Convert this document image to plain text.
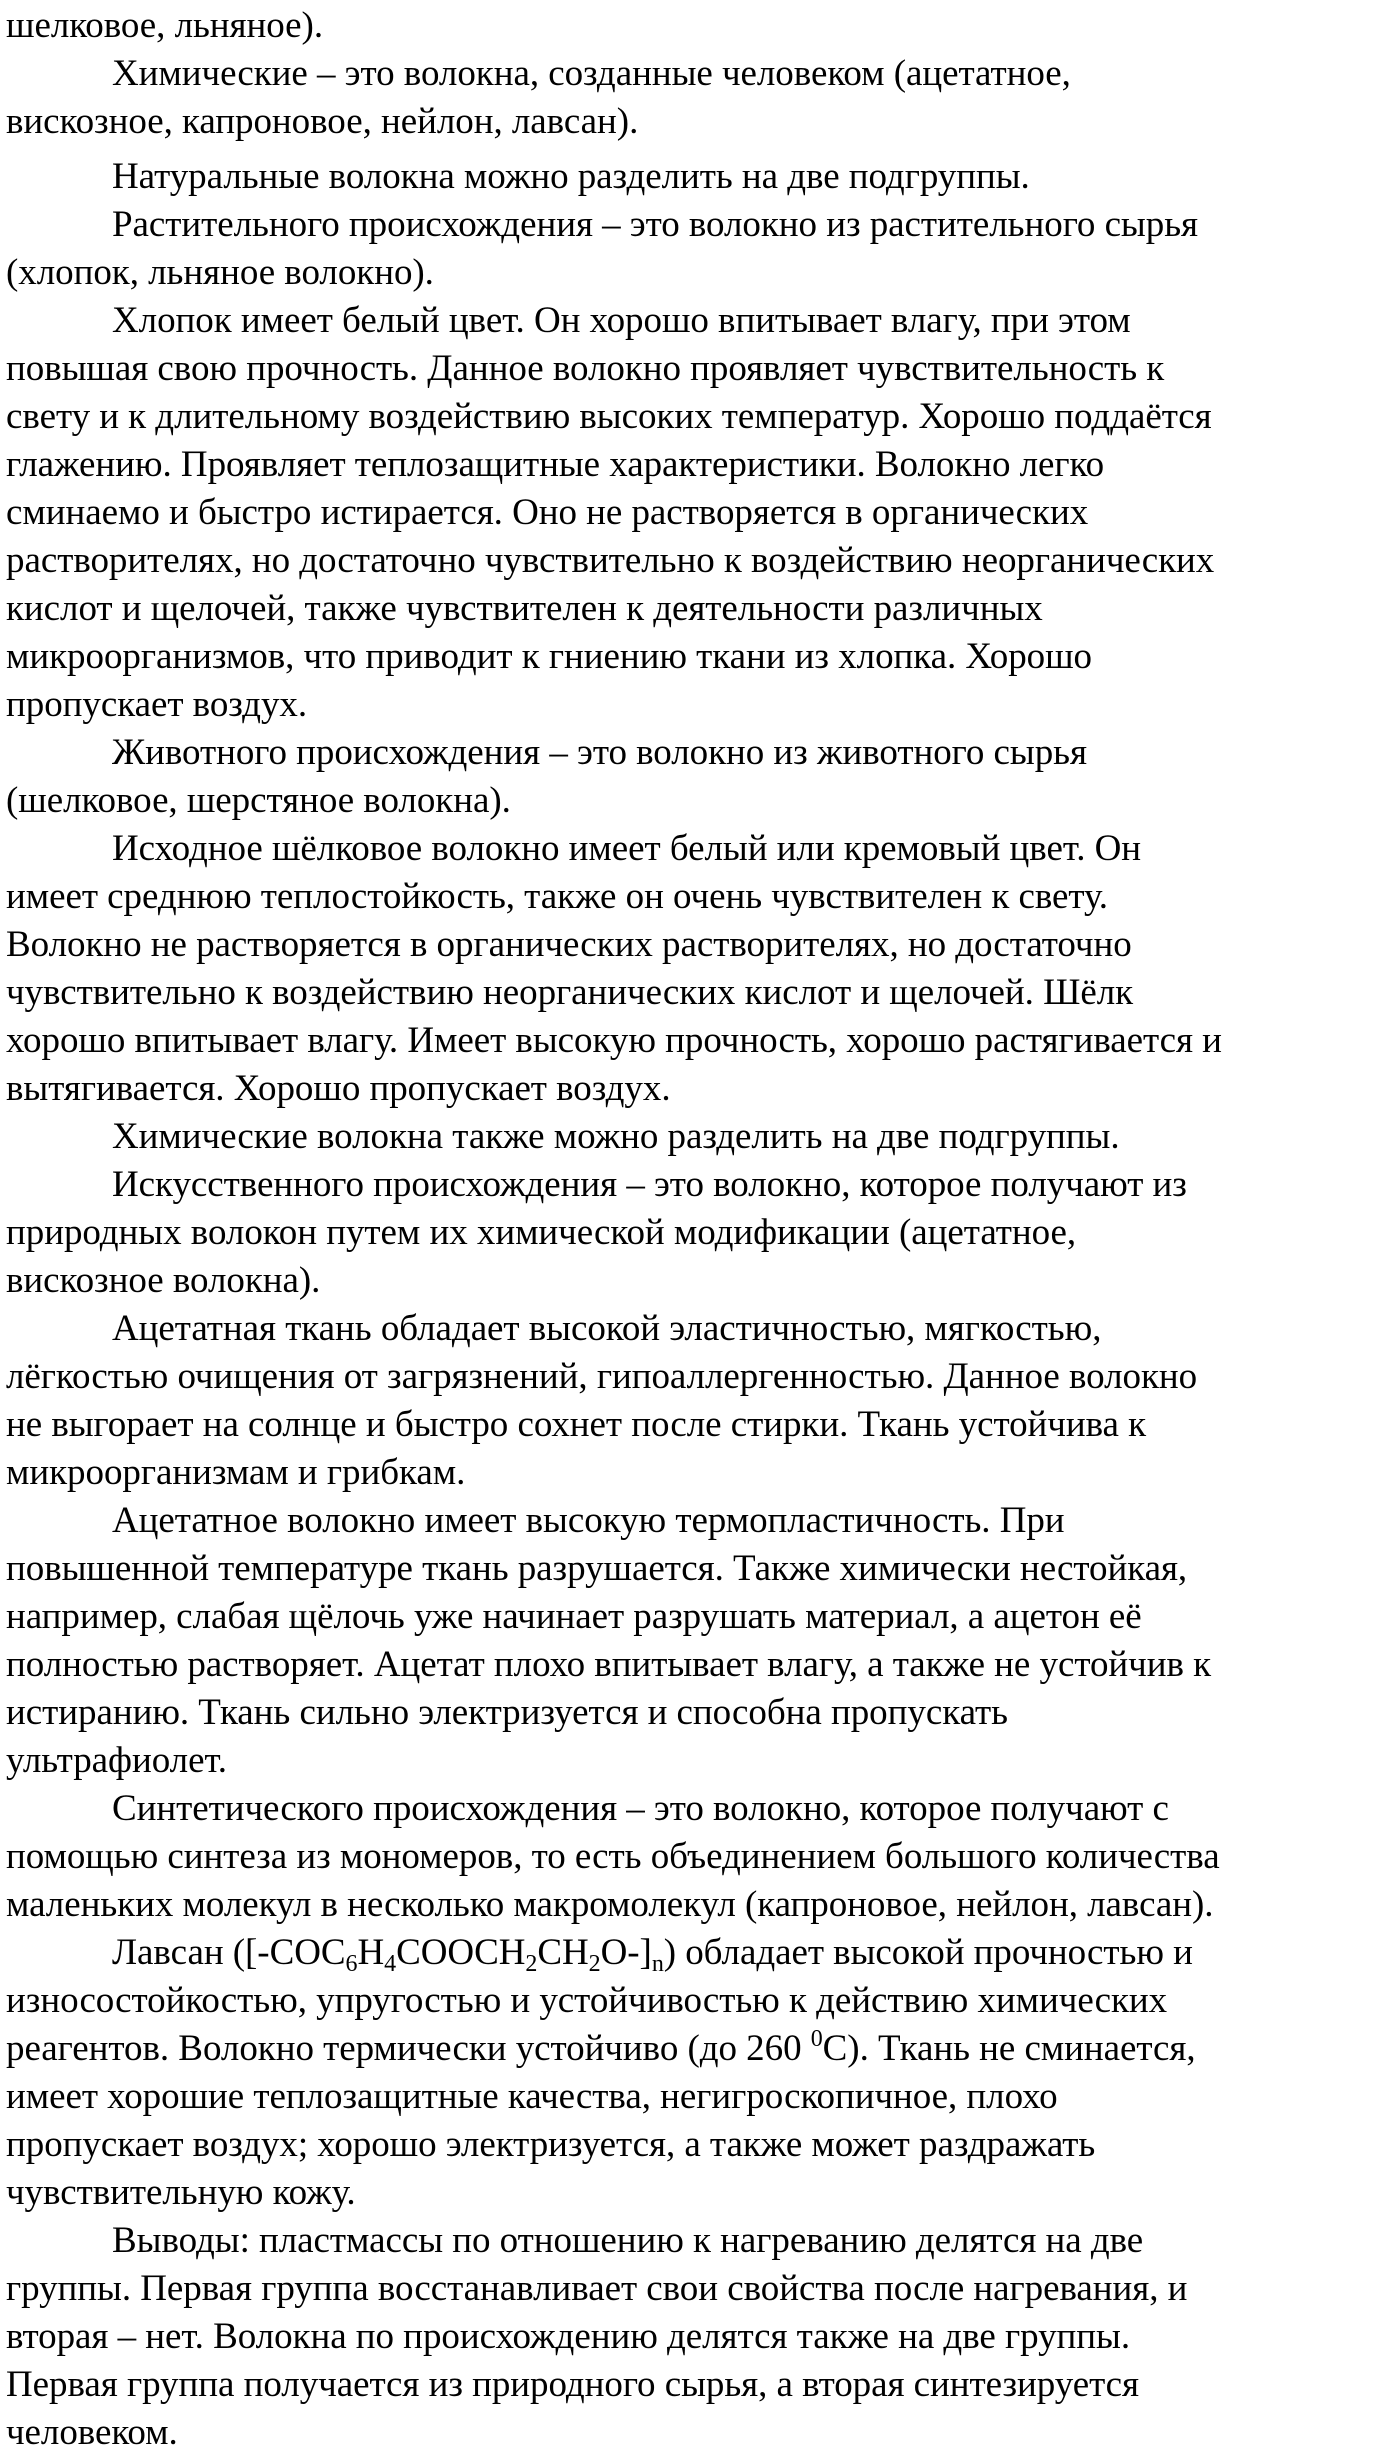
шелковое, льняное).
Химические – это волокна, созданные человеком (ацетатное,
вискозное, капроновое, нейлон, лавсан).
Натуральные волокна можно разделить на две подгруппы.
Растительного происхождения – это волокно из растительного сырья
(хлопок, льняное волокно).
Хлопок имеет белый цвет. Он хорошо впитывает влагу, при этом
повышая свою прочность. Данное волокно проявляет чувствительность к
свету и к длительному воздействию высоких температур. Хорошо поддаётся
глажению. Проявляет теплозащитные характеристики. Волокно легко
сминаемо и быстро истирается. Оно не растворяется в органических
растворителях, но достаточно чувствительно к воздействию неорганических
кислот и щелочей, также чувствителен к деятельности различных
микроорганизмов, что приводит к гниению ткани из хлопка. Хорошо
пропускает воздух.
Животного происхождения – это волокно из животного сырья
(шелковое, шерстяное волокна).
Исходное шёлковое волокно имеет белый или кремовый цвет. Он
имеет среднюю теплостойкость, также он очень чувствителен к свету.
Волокно не растворяется в органических растворителях, но достаточно
чувствительно к воздействию неорганических кислот и щелочей. Шёлк
хорошо впитывает влагу. Имеет высокую прочность, хорошо растягивается и
вытягивается. Хорошо пропускает воздух.
Химические волокна также можно разделить на две подгруппы.
Искусственного происхождения – это волокно, которое получают из
природных волокон путем их химической модификации (ацетатное,
вискозное волокна).
Ацетатная ткань обладает высокой эластичностью, мягкостью,
лёгкостью очищения от загрязнений, гипоаллергенностью. Данное волокно
не выгорает на солнце и быстро сохнет после стирки. Ткань устойчива к
микроорганизмам и грибкам.
Ацетатное волокно имеет высокую термопластичность. При
повышенной температуре ткань разрушается. Также химически нестойкая,
например, слабая щёлочь уже начинает разрушать материал, а ацетон её
полностью растворяет. Ацетат плохо впитывает влагу, а также не устойчив к
истиранию. Ткань сильно электризуется и способна пропускать
ультрафиолет.
Синтетического происхождения – это волокно, которое получают с
помощью синтеза из мономеров, то есть объединением большого количества
маленьких молекул в несколько макромолекул (капроновое, нейлон, лавсан).
Лавсан $([-COC_6H_4COOCH_2CH_2O-]_n)$ обладает высокой прочностью и
износостойкостью, упругостью и устойчивостью к действию химических
реагентов. Волокно термически устойчиво (до 260 $^0$С). Ткань не сминается,
имеет хорошие теплозащитные качества, негигроскопичное, плохо
пропускает воздух; хорошо электризуется, а также может раздражать
чувствительную кожу.
Выводы: пластмассы по отношению к нагреванию делятся на две
группы. Первая группа восстанавливает свои свойства после нагревания, и
вторая – нет. Волокна по происхождению делятся также на две группы.
Первая группа получается из природного сырья, а вторая синтезируется
человеком.
